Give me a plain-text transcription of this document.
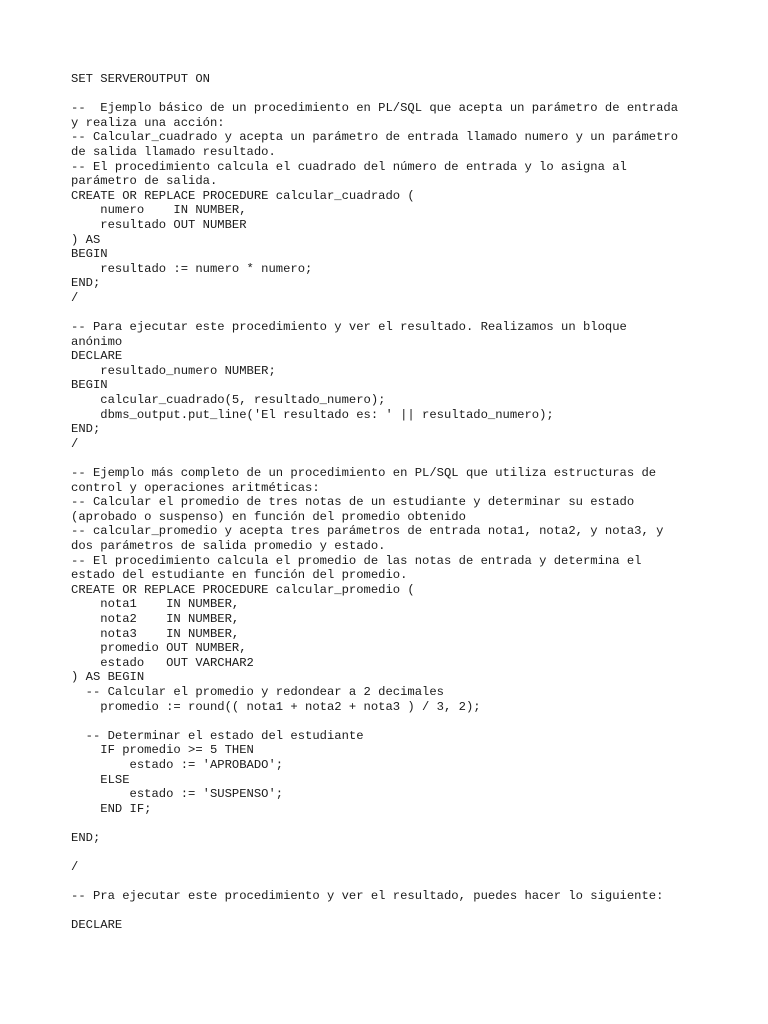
SET SERVEROUTPUT ON
--  Ejemplo básico de un procedimiento en PL/SQL que acepta un parámetro de entrada
y realiza una acción:
-- Calcular_cuadrado y acepta un parámetro de entrada llamado numero y un parámetro
de salida llamado resultado.
-- El procedimiento calcula el cuadrado del número de entrada y lo asigna al
parámetro de salida.
CREATE OR REPLACE PROCEDURE calcular_cuadrado (
numero    IN NUMBER,
resultado OUT NUMBER
) AS
BEGIN
resultado := numero * numero;
END;
/
-- Para ejecutar este procedimiento y ver el resultado. Realizamos un bloque
anónimo
DECLARE
resultado_numero NUMBER;
BEGIN
calcular_cuadrado(5, resultado_numero);
dbms_output.put_line('El resultado es: ' || resultado_numero);
END;
/
-- Ejemplo más completo de un procedimiento en PL/SQL que utiliza estructuras de
control y operaciones aritméticas:
-- Calcular el promedio de tres notas de un estudiante y determinar su estado
(aprobado o suspenso) en función del promedio obtenido
-- calcular_promedio y acepta tres parámetros de entrada nota1, nota2, y nota3, y
dos parámetros de salida promedio y estado.
-- El procedimiento calcula el promedio de las notas de entrada y determina el
estado del estudiante en función del promedio.
CREATE OR REPLACE PROCEDURE calcular_promedio (
nota1    IN NUMBER,
nota2    IN NUMBER,
nota3    IN NUMBER,
promedio OUT NUMBER,
estado   OUT VARCHAR2
) AS BEGIN
-- Calcular el promedio y redondear a 2 decimales
promedio := round(( nota1 + nota2 + nota3 ) / 3, 2);
-- Determinar el estado del estudiante
IF promedio >= 5 THEN
estado := 'APROBADO';
ELSE
estado := 'SUSPENSO';
END IF;
END;
/
-- Pra ejecutar este procedimiento y ver el resultado, puedes hacer lo siguiente:
DECLARE
